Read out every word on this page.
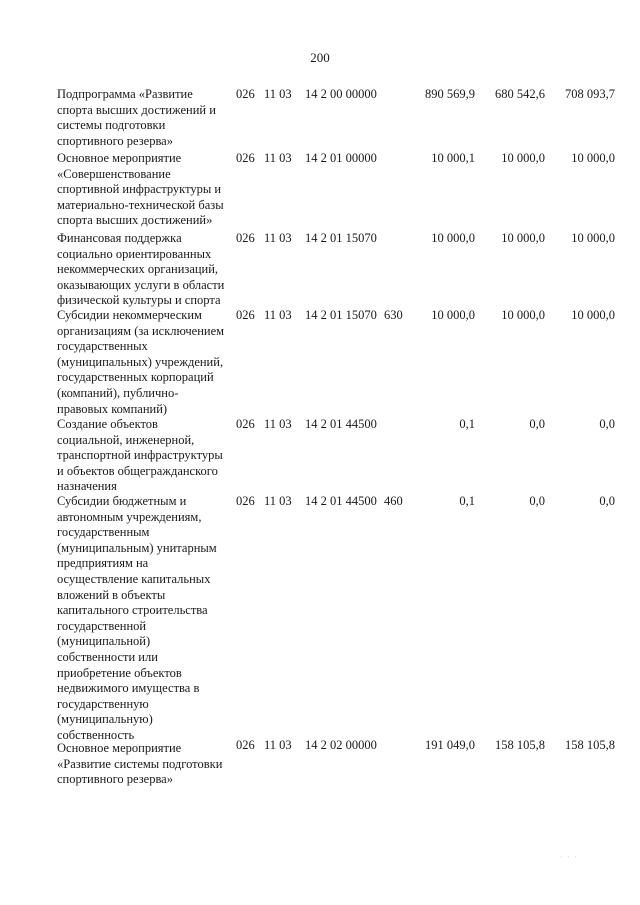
200
Подпрограмма «Развитие
спорта высших достижений и
системы подготовки
спортивного резерва»
026 11 03 14 2 00 00000	890 569,9 680 542,6 708 093,7
Основное мероприятие
«Совершенствование
спортивной инфраструктуры и
материально-технической базы
спорта высших достижений»
026 11 03 14 2 01 00000	10 000,1 10 000,0 10 000,0
Финансовая поддержка
социально ориентированных
некоммерческих организаций,
оказывающих услуги в области
физической культуры и спорта
026 11 03 14 2 01 15070	10 000,0 10 000,0 10 000,0
Субсидии некоммерческим
организациям (за исключением
государственных
(муниципальных) учреждений,
государственных корпораций
(компаний), публично-
правовых компаний)
026 11 03 14 2 01 15070 630 10 000,0 10 000,0 10 000,0
Создание объектов
социальной, инженерной,
транспортной инфраструктуры
и объектов общегражданского
назначения
026 11 03 14 2 01 44500	0,1	0,0	0,0
Субсидии бюджетным и
автономным учреждениям,
государственным
(муниципальным) унитарным
предприятиям на
осуществление капитальных
вложений в объекты
капитального строительства
государственной
(муниципальной)
собственности или
приобретение объектов
недвижимого имущества в
государственную
(муниципальную)
собственность
026 11 03 14 2 01 44500 460	0,1	0,0	0,0
Основное мероприятие
«Развитие системы подготовки
спортивного резерва»
026 11 03 14 2 02 00000	191 049,0 158 105,8 158 105,8
· · ·
